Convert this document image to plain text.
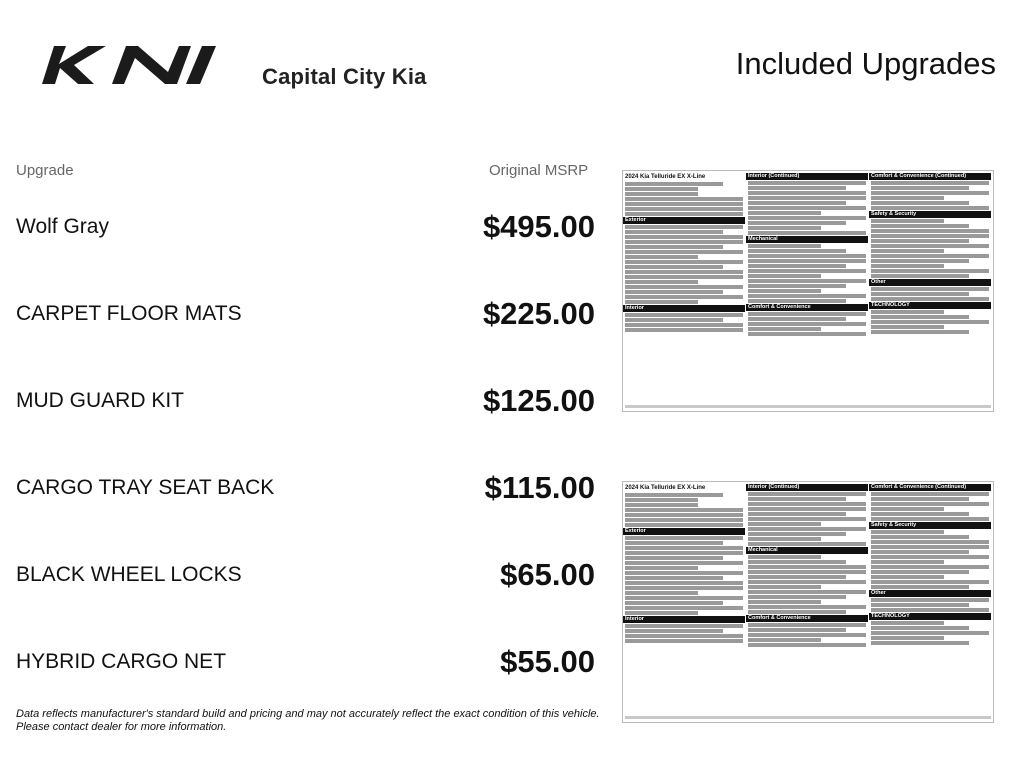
Capital City Kia	Included Upgrades
Upgrade	Original MSRP
Wolf Gray	$495.00
CARPET FLOOR MATS	$225.00
MUD GUARD KIT	$125.00
CARGO TRAY SEAT BACK	$115.00
BLACK WHEEL LOCKS	$65.00
HYBRID CARGO NET	$55.00
Data reflects manufacturer's standard build and pricing and may not accurately reflect the exact condition of this vehicle.
Please contact dealer for more information.
2024 Kia Telluride EX X-Line
Exterior
Interior
Interior (Continued)
Mechanical
Comfort & Convenience
Comfort & Convenience (Continued)
Safety & Security
Other
TECHNOLOGY
2024 Kia Telluride EX X-Line
Exterior
Interior
Interior (Continued)
Mechanical
Comfort & Convenience
Comfort & Convenience (Continued)
Safety & Security
Other
TECHNOLOGY
